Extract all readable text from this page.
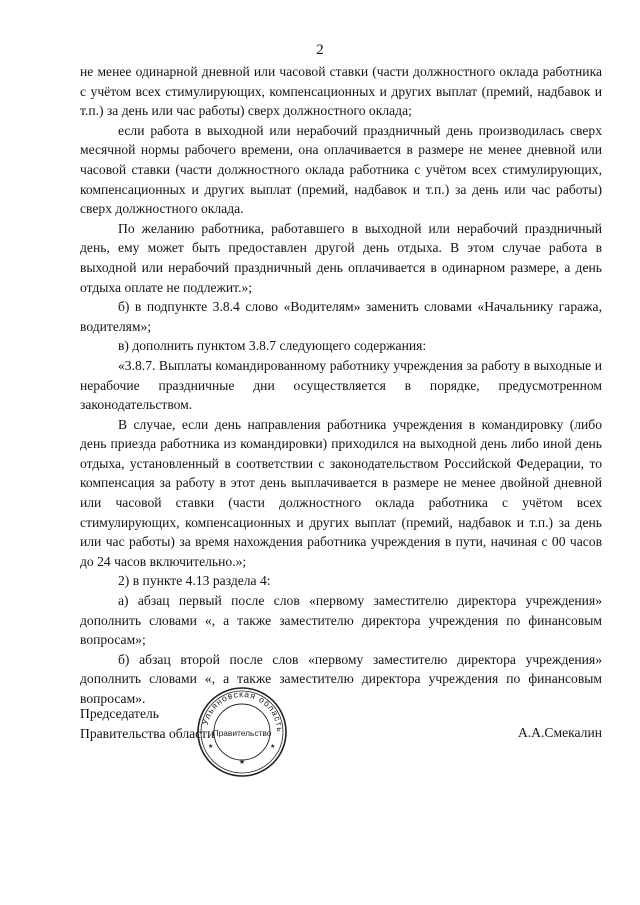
2

не менее одинарной дневной или часовой ставки (части должностного оклада работника с учётом всех стимулирующих, компенсационных и других выплат (премий, надбавок и т.п.) за день или час работы) сверх должностного оклада;

если работа в выходной или нерабочий праздничный день производилась сверх месячной нормы рабочего времени, она оплачивается в размере не менее дневной или часовой ставки (части должностного оклада работника с учётом всех стимулирующих, компенсационных и других выплат (премий, надбавок и т.п.) за день или час работы) сверх должностного оклада.

По желанию работника, работавшего в выходной или нерабочий праздничный день, ему может быть предоставлен другой день отдыха. В этом случае работа в выходной или нерабочий праздничный день оплачивается в одинарном размере, а день отдыха оплате не подлежит.»;

б) в подпункте 3.8.4 слово «Водителям» заменить словами «Начальнику гаража, водителям»;

в) дополнить пунктом 3.8.7 следующего содержания:

«3.8.7. Выплаты командированному работнику учреждения за работу в выходные и нерабочие праздничные дни осуществляется в порядке, предусмотренном законодательством.

В случае, если день направления работника учреждения в командировку (либо день приезда работника из командировки) приходился на выходной день либо иной день отдыха, установленный в соответствии с законодательством Российской Федерации, то компенсация за работу в этот день выплачивается в размере не менее двойной дневной или часовой ставки (части должностного оклада работника с учётом всех стимулирующих, компенсационных и других выплат (премий, надбавок и т.п.) за день или час работы) за время нахождения работника учреждения в пути, начиная с 00 часов до 24 часов включительно.»;

2) в пункте 4.13 раздела 4:

а) абзац первый после слов «первому заместителю директора учреждения» дополнить словами «, а также заместителю директора учреждения по финансовым вопросам»;

б) абзац второй после слов «первому заместителю директора учреждения» дополнить словами «, а также заместителю директора учреждения по финансовым вопросам».

Ульяновская область
Правительство
★
★	★
Председатель
Правительства области	А.А.Смекалин
